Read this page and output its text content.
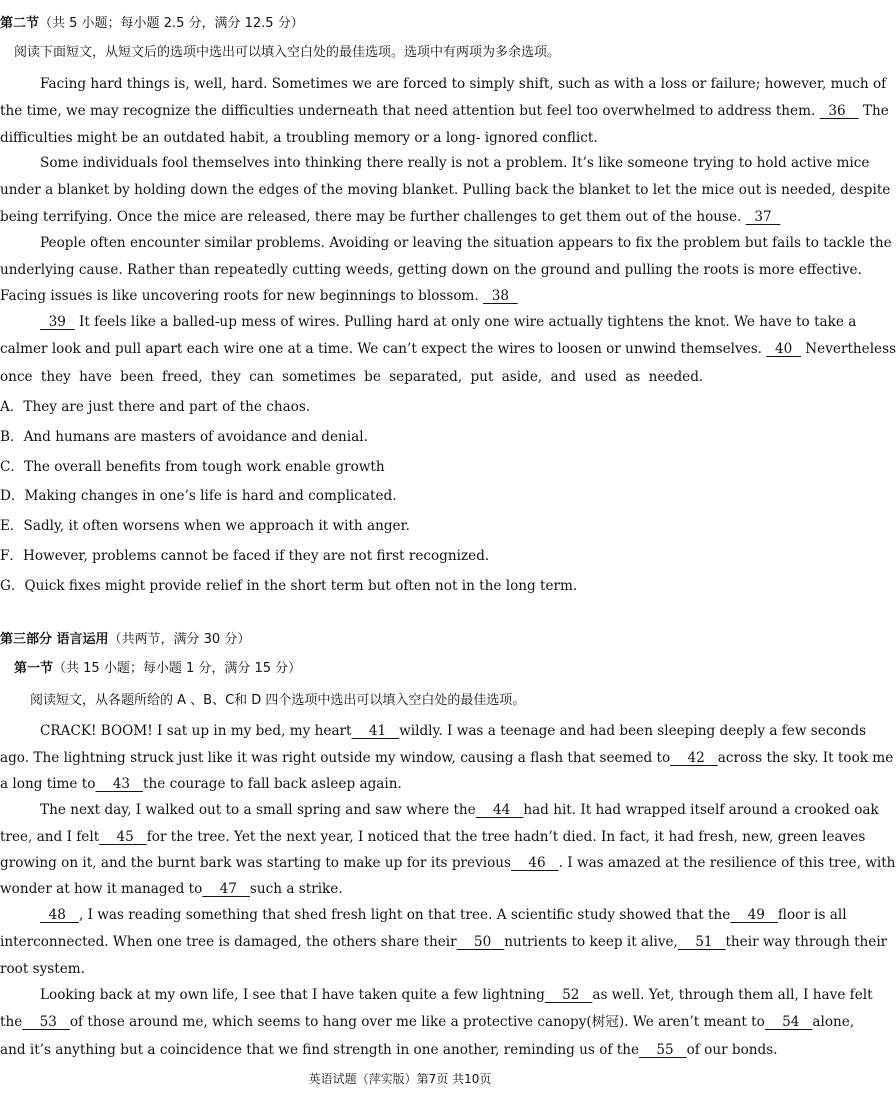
第二节（共 5 小题；每小题 2.5 分，满分 12.5 分）
阅读下面短文，从短文后的选项中选出可以填入空白处的最佳选项。选项中有两项为多余选项。
Facing hard things is, well, hard. Sometimes we are forced to simply shift, such as with a loss or failure; however, much of
the time, we may recognize the difficulties underneath that need attention but feel too overwhelmed to address them. 36 The
difficulties might be an outdated habit, a troubling memory or a long- ignored conflict.
Some individuals fool themselves into thinking there really is not a problem. It’s like someone trying to hold active mice
under a blanket by holding down the edges of the moving blanket. Pulling back the blanket to let the mice out is needed, despite
being terrifying. Once the mice are released, there may be further challenges to get them out of the house. 37
People often encounter similar problems. Avoiding or leaving the situation appears to fix the problem but fails to tackle the
underlying cause. Rather than repeatedly cutting weeds, getting down on the ground and pulling the roots is more effective.
Facing issues is like uncovering roots for new beginnings to blossom. 38
39 It feels like a balled-up mess of wires. Pulling hard at only one wire actually tightens the knot. We have to take a
calmer look and pull apart each wire one at a time. We can’t expect the wires to loosen or unwind themselves. 40 Nevertheless
once they have been freed, they can sometimes be separated, put aside, and used as needed.
A．They are just there and part of the chaos.
B．And humans are masters of avoidance and denial.
C．The overall benefits from tough work enable growth
D．Making changes in one’s life is hard and complicated.
E．Sadly, it often worsens when we approach it with anger.
F．However, problems cannot be faced if they are not first recognized.
G．Quick fixes might provide relief in the short term but often not in the long term.
第三部分 语言运用（共两节，满分 30 分）
第一节（共 15 小题；每小题 1 分，满分 15 分）
阅读短文，从各题所给的 A 、B、C和 D 四个选项中选出可以填入空白处的最佳选项。
CRACK! BOOM! I sat up in my bed, my heart 41 wildly. I was a teenage and had been sleeping deeply a few seconds
ago. The lightning struck just like it was right outside my window, causing a flash that seemed to 42 across the sky. It took me
a long time to 43 the courage to fall back asleep again.
The next day, I walked out to a small spring and saw where the 44 had hit. It had wrapped itself around a crooked oak
tree, and I felt 45 for the tree. Yet the next year, I noticed that the tree hadn’t died. In fact, it had fresh, new, green leaves
growing on it, and the burnt bark was starting to make up for its previous 46 . I was amazed at the resilience of this tree, with
wonder at how it managed to 47 such a strike.
48 , I was reading something that shed fresh light on that tree. A scientific study showed that the 49 floor is all
interconnected. When one tree is damaged, the others share their 50 nutrients to keep it alive, 51 their way through their
root system.
Looking back at my own life, I see that I have taken quite a few lightning 52 as well. Yet, through them all, I have felt
the 53 of those around me, which seems to hang over me like a protective canopy(树冠). We aren’t meant to 54 alone,
and it’s anything but a coincidence that we find strength in one another, reminding us of the 55 of our bonds.
英语试题（萍实版）第7页 共10页
